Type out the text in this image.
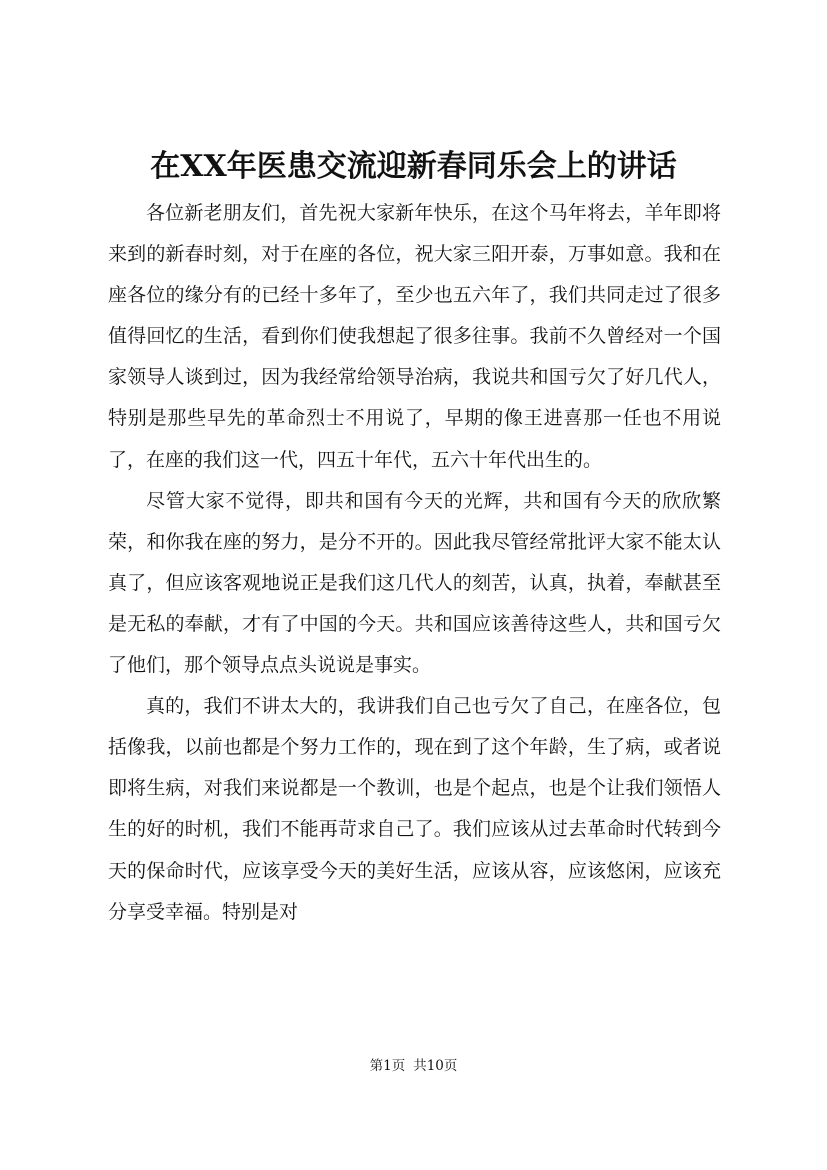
在XX年医患交流迎新春同乐会上的讲话

各位新老朋友们，首先祝大家新年快乐，在这个马年将去，羊年即将来到的新春时刻，对于在座的各位，祝大家三阳开泰，万事如意。我和在座各位的缘分有的已经十多年了，至少也五六年了，我们共同走过了很多值得回忆的生活，看到你们使我想起了很多往事。我前不久曾经对一个国家领导人谈到过，因为我经常给领导治病，我说共和国亏欠了好几代人，特别是那些早先的革命烈士不用说了，早期的像王进喜那一任也不用说了，在座的我们这一代，四五十年代，五六十年代出生的。

尽管大家不觉得，即共和国有今天的光辉，共和国有今天的欣欣繁荣，和你我在座的努力，是分不开的。因此我尽管经常批评大家不能太认真了，但应该客观地说正是我们这几代人的刻苦，认真，执着，奉献甚至是无私的奉献，才有了中国的今天。共和国应该善待这些人，共和国亏欠了他们，那个领导点点头说说是事实。

真的，我们不讲太大的，我讲我们自己也亏欠了自己，在座各位，包括像我，以前也都是个努力工作的，现在到了这个年龄，生了病，或者说即将生病，对我们来说都是一个教训，也是个起点，也是个让我们领悟人生的好的时机，我们不能再苛求自己了。我们应该从过去革命时代转到今天的保命时代，应该享受今天的美好生活，应该从容，应该悠闲，应该充分享受幸福。特别是对

第1页 共10页
